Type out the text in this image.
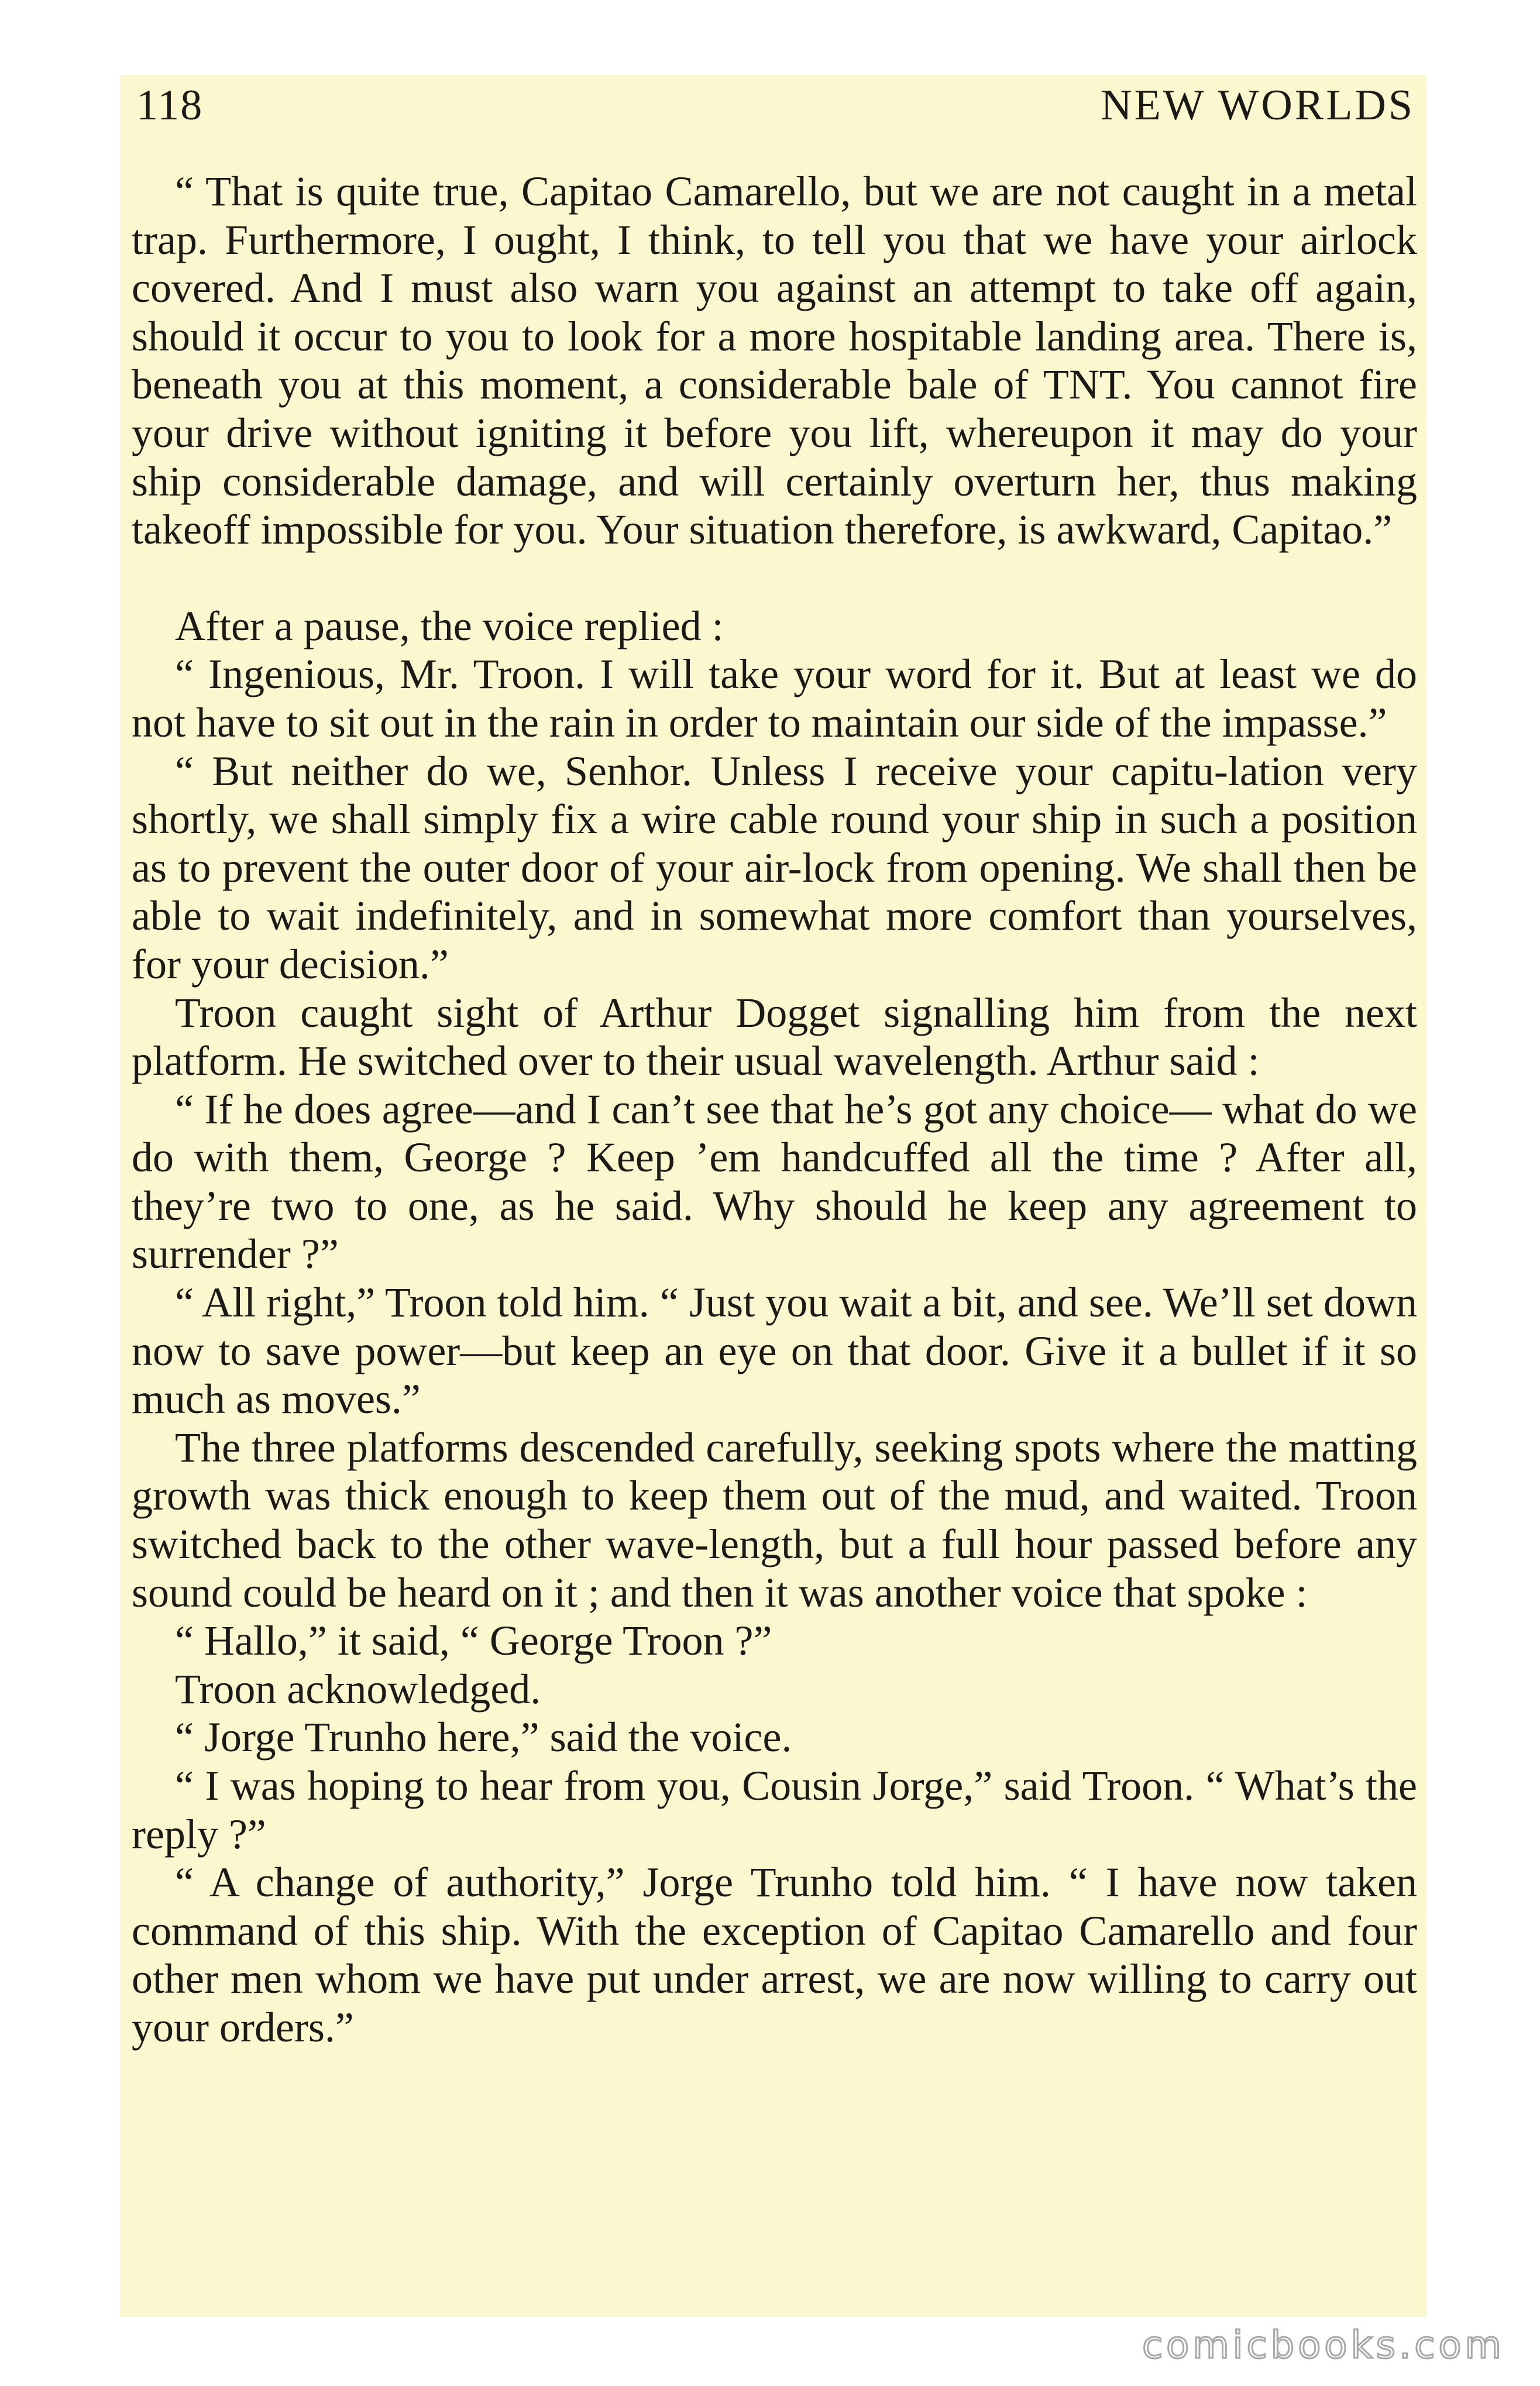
118	NEW WORLDS

“ That is quite true, Capitao Camarello, but we are not caught in a metal trap. Furthermore, I ought, I think, to tell you that we have your airlock covered. And I must also warn you against an attempt to take off again, should it occur to you to look for a more hospitable landing area. There is, beneath you at this moment, a considerable bale of TNT. You cannot fire your drive without igniting it before you lift, whereupon it may do your ship considerable damage, and will certainly overturn her, thus making takeoff impossible for you. Your situation therefore, is awkward, Capitao.”

After a pause, the voice replied :

“ Ingenious, Mr. Troon. I will take your word for it. But at least we do not have to sit out in the rain in order to maintain our side of the impasse.”

“ But neither do we, Senhor. Unless I receive your capitu-lation very shortly, we shall simply fix a wire cable round your ship in such a position as to prevent the outer door of your air-lock from opening. We shall then be able to wait indefinitely, and in somewhat more comfort than yourselves, for your decision.”

Troon caught sight of Arthur Dogget signalling him from the next platform. He switched over to their usual wavelength. Arthur said :

“ If he does agree—and I can’t see that he’s got any choice— what do we do with them, George ? Keep ’em handcuffed all the time ? After all, they’re two to one, as he said. Why should he keep any agreement to surrender ?”

“ All right,” Troon told him. “ Just you wait a bit, and see. We’ll set down now to save power—but keep an eye on that door. Give it a bullet if it so much as moves.”

The three platforms descended carefully, seeking spots where the matting growth was thick enough to keep them out of the mud, and waited. Troon switched back to the other wave-length, but a full hour passed before any sound could be heard on it ; and then it was another voice that spoke :

“ Hallo,” it said, “ George Troon ?”

Troon acknowledged.

“ Jorge Trunho here,” said the voice.

“ I was hoping to hear from you, Cousin Jorge,” said Troon. “ What’s the reply ?”

“ A change of authority,” Jorge Trunho told him. “ I have now taken command of this ship. With the exception of Capitao Camarello and four other men whom we have put under arrest, we are now willing to carry out your orders.”

comicbooks.com
